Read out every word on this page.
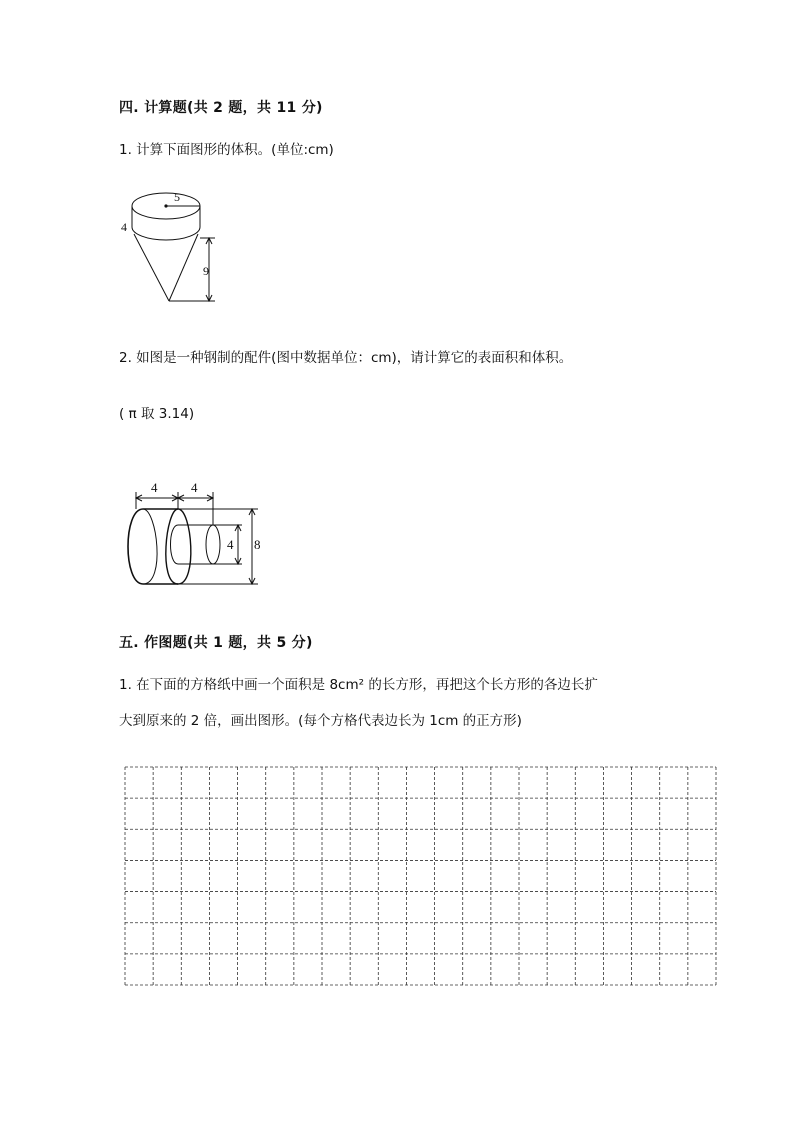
四. 计算题(共 2 题，共 11 分)
1. 计算下面图形的体积。(单位:cm)
5
4
9
2. 如图是一种钢制的配件(图中数据单位：cm)，请计算它的表面积和体积。
( π 取 3.14)
4	4
4 8
五. 作图题(共 1 题，共 5 分)
1. 在下面的方格纸中画一个面积是 8cm² 的长方形，再把这个长方形的各边长扩
大到原来的 2 倍，画出图形。(每个方格代表边长为 1cm 的正方形)
